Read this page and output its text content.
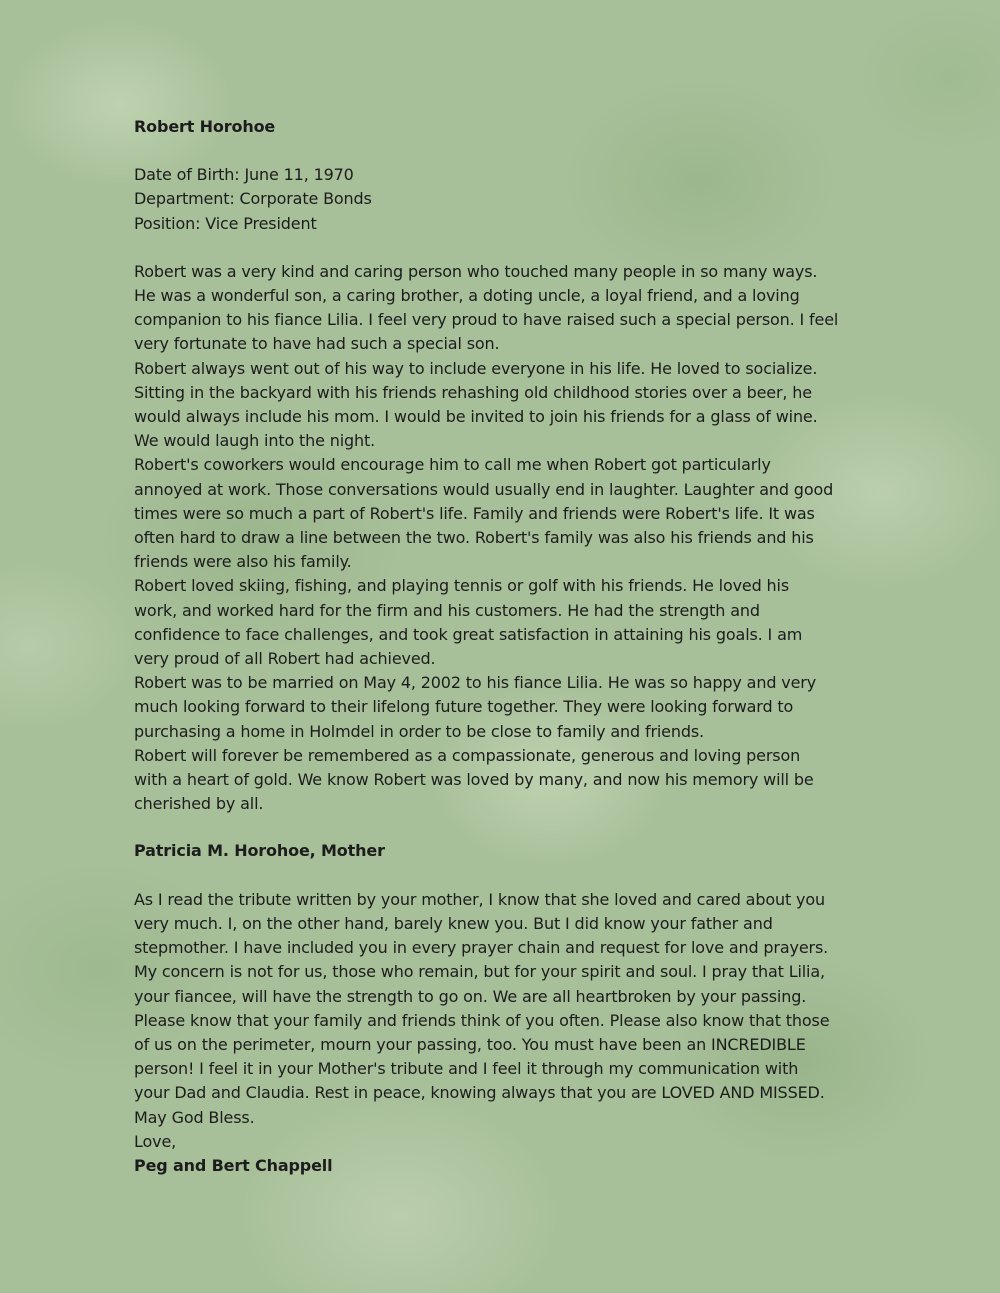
Robert Horohoe
Date of Birth: June 11, 1970
Department: Corporate Bonds
Position: Vice President
Robert was a very kind and caring person who touched many people in so many ways.
He was a wonderful son, a caring brother, a doting uncle, a loyal friend, and a loving
companion to his fiance Lilia. I feel very proud to have raised such a special person. I feel
very fortunate to have had such a special son.
Robert always went out of his way to include everyone in his life. He loved to socialize.
Sitting in the backyard with his friends rehashing old childhood stories over a beer, he
would always include his mom. I would be invited to join his friends for a glass of wine.
We would laugh into the night.
Robert's coworkers would encourage him to call me when Robert got particularly
annoyed at work. Those conversations would usually end in laughter. Laughter and good
times were so much a part of Robert's life. Family and friends were Robert's life. It was
often hard to draw a line between the two. Robert's family was also his friends and his
friends were also his family.
Robert loved skiing, fishing, and playing tennis or golf with his friends. He loved his
work, and worked hard for the firm and his customers. He had the strength and
confidence to face challenges, and took great satisfaction in attaining his goals. I am
very proud of all Robert had achieved.
Robert was to be married on May 4, 2002 to his fiance Lilia. He was so happy and very
much looking forward to their lifelong future together. They were looking forward to
purchasing a home in Holmdel in order to be close to family and friends.
Robert will forever be remembered as a compassionate, generous and loving person
with a heart of gold. We know Robert was loved by many, and now his memory will be
cherished by all.
Patricia M. Horohoe, Mother
As I read the tribute written by your mother, I know that she loved and cared about you
very much. I, on the other hand, barely knew you. But I did know your father and
stepmother. I have included you in every prayer chain and request for love and prayers.
My concern is not for us, those who remain, but for your spirit and soul. I pray that Lilia,
your fiancee, will have the strength to go on. We are all heartbroken by your passing.
Please know that your family and friends think of you often. Please also know that those
of us on the perimeter, mourn your passing, too. You must have been an INCREDIBLE
person! I feel it in your Mother's tribute and I feel it through my communication with
your Dad and Claudia. Rest in peace, knowing always that you are LOVED AND MISSED.
May God Bless.
Love,
Peg and Bert Chappell
